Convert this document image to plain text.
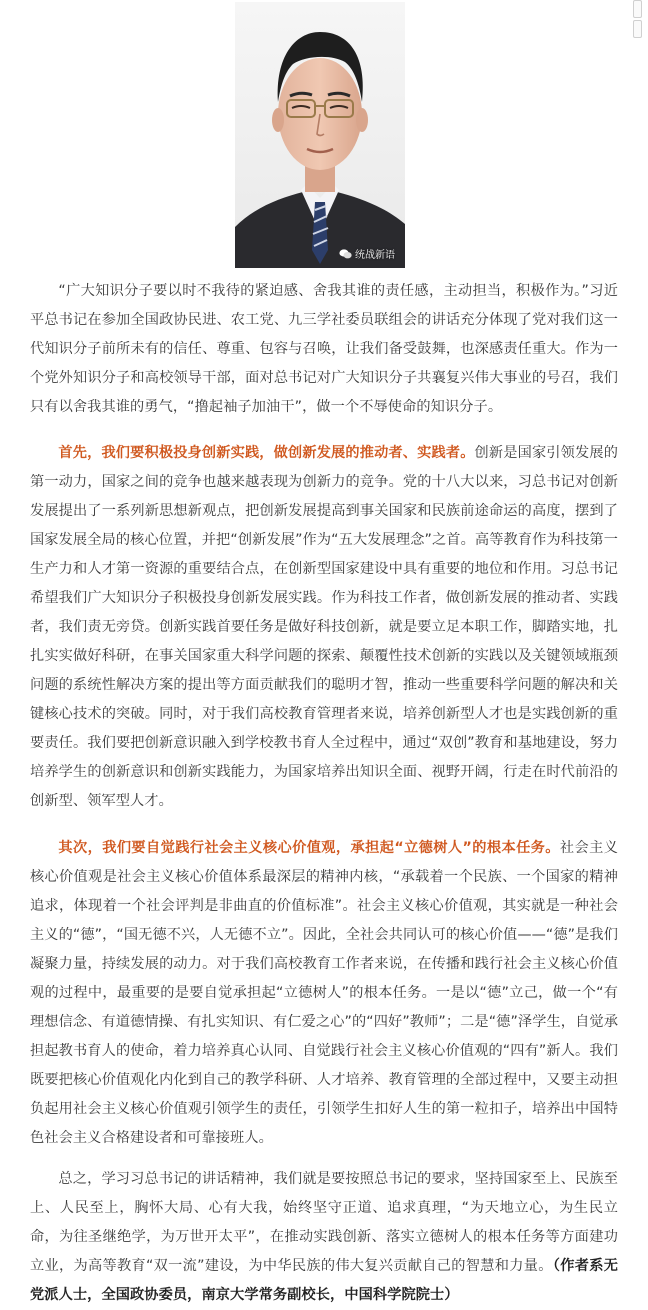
统战新语

“广大知识分子要以时不我待的紧迫感、舍我其谁的责任感，主动担当，积极作为。”习近平总书记在参加全国政协民进、农工党、九三学社委员联组会的讲话充分体现了党对我们这一代知识分子前所未有的信任、尊重、包容与召唤，让我们备受鼓舞，也深感责任重大。作为一个党外知识分子和高校领导干部，面对总书记对广大知识分子共襄复兴伟大事业的号召，我们只有以舍我其谁的勇气，“撸起袖子加油干”，做一个不辱使命的知识分子。

首先，我们要积极投身创新实践，做创新发展的推动者、实践者。创新是国家引领发展的第一动力，国家之间的竞争也越来越表现为创新力的竞争。党的十八大以来，习总书记对创新发展提出了一系列新思想新观点，把创新发展提高到事关国家和民族前途命运的高度，摆到了国家发展全局的核心位置，并把“创新发展”作为“五大发展理念”之首。高等教育作为科技第一生产力和人才第一资源的重要结合点，在创新型国家建设中具有重要的地位和作用。习总书记希望我们广大知识分子积极投身创新发展实践。作为科技工作者，做创新发展的推动者、实践者，我们责无旁贷。创新实践首要任务是做好科技创新，就是要立足本职工作，脚踏实地，扎扎实实做好科研，在事关国家重大科学问题的探索、颠覆性技术创新的实践以及关键领域瓶颈问题的系统性解决方案的提出等方面贡献我们的聪明才智，推动一些重要科学问题的解决和关键核心技术的突破。同时，对于我们高校教育管理者来说，培养创新型人才也是实践创新的重要责任。我们要把创新意识融入到学校教书育人全过程中，通过“双创”教育和基地建设，努力培养学生的创新意识和创新实践能力，为国家培养出知识全面、视野开阔，行走在时代前沿的创新型、领军型人才。

其次，我们要自觉践行社会主义核心价值观，承担起“立德树人”的根本任务。社会主义核心价值观是社会主义核心价值体系最深层的精神内核，“承载着一个民族、一个国家的精神追求，体现着一个社会评判是非曲直的价值标准”。社会主义核心价值观，其实就是一种社会主义的“德”，“国无德不兴，人无德不立”。因此，全社会共同认可的核心价值——“德”是我们凝聚力量，持续发展的动力。对于我们高校教育工作者来说，在传播和践行社会主义核心价值观的过程中，最重要的是要自觉承担起“立德树人”的根本任务。一是以“德”立己，做一个“有理想信念、有道德情操、有扎实知识、有仁爱之心”的“四好”教师”；二是“德”泽学生，自觉承担起教书育人的使命，着力培养真心认同、自觉践行社会主义核心价值观的“四有”新人。我们既要把核心价值观化内化到自己的教学科研、人才培养、教育管理的全部过程中，又要主动担负起用社会主义核心价值观引领学生的责任，引领学生扣好人生的第一粒扣子，培养出中国特色社会主义合格建设者和可靠接班人。

总之，学习习总书记的讲话精神，我们就是要按照总书记的要求，坚持国家至上、民族至上、人民至上，胸怀大局、心有大我，始终坚守正道、追求真理，“为天地立心，为生民立命，为往圣继绝学，为万世开太平”，在推动实践创新、落实立德树人的根本任务等方面建功立业，为高等教育“双一流”建设，为中华民族的伟大复兴贡献自己的智慧和力量。（作者系无党派人士，全国政协委员，南京大学常务副校长，中国科学院院士）
